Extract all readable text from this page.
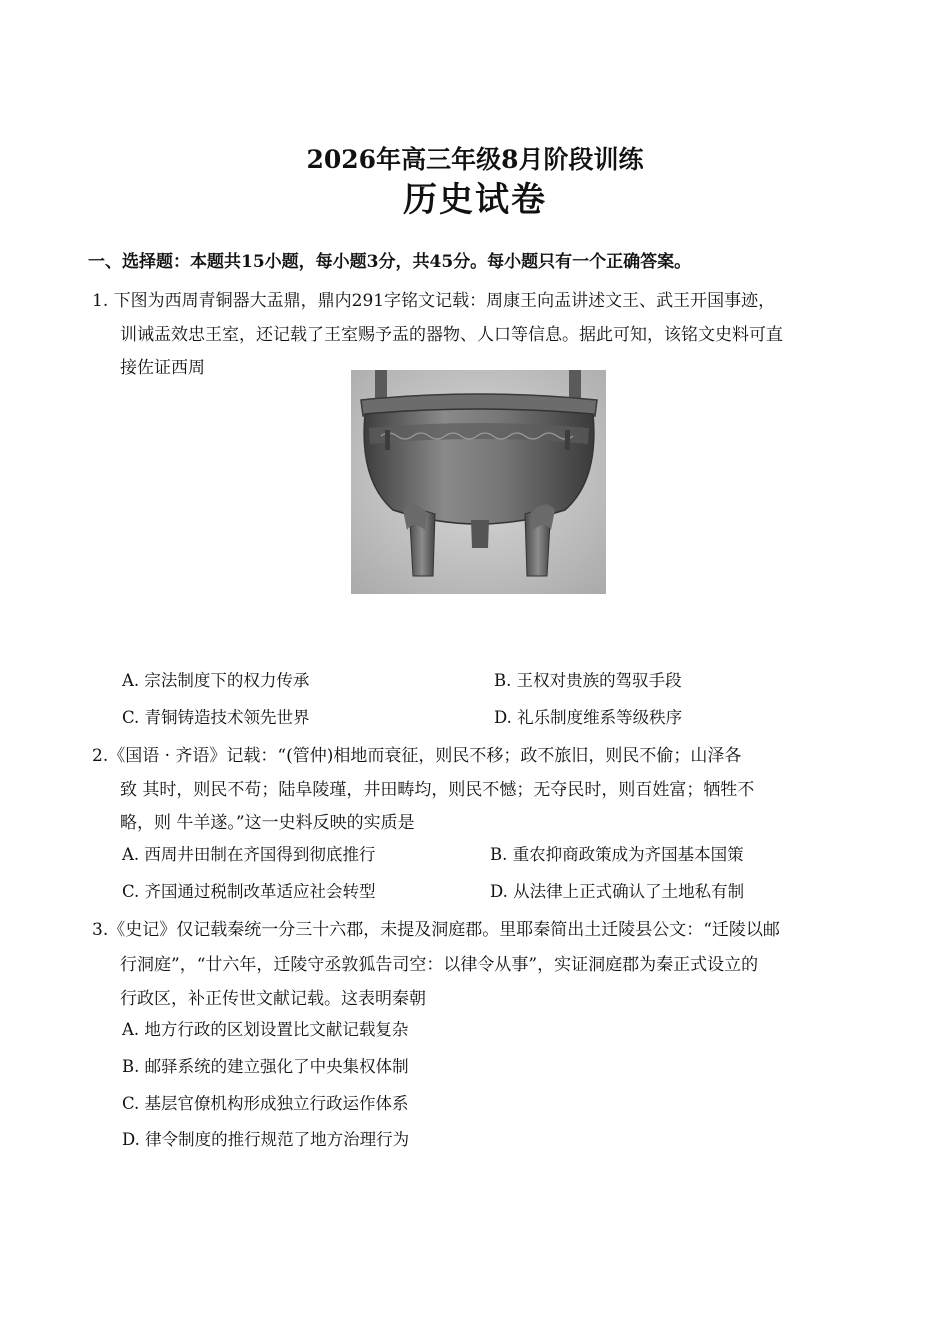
2026年高三年级8月阶段训练
历史试卷
一、选择题：本题共15小题，每小题3分，共45分。每小题只有一个正确答案。
1. 下图为西周青铜器大盂鼎，鼎内291字铭文记载：周康王向盂讲述文王、武王开国事迹，
训诫盂效忠王室，还记载了王室赐予盂的器物、人口等信息。据此可知，该铭文史料可直
接佐证西周
A. 宗法制度下的权力传承	B. 王权对贵族的驾驭手段
C. 青铜铸造技术领先世界	D. 礼乐制度维系等级秩序
2.《国语 · 齐语》记载：“(管仲)相地而衰征，则民不移；政不旅旧，则民不偷；山泽各
致 其时，则民不苟；陆阜陵瑾，井田畴均，则民不憾；无夺民时，则百姓富；牺牲不
略，则 牛羊遂。”这一史料反映的实质是
A. 西周井田制在齐国得到彻底推行	B. 重农抑商政策成为齐国基本国策
C. 齐国通过税制改革适应社会转型	D. 从法律上正式确认了土地私有制
3.《史记》仅记载秦统一分三十六郡，未提及洞庭郡。里耶秦简出土迁陵县公文：“迁陵以邮
行洞庭”，“廿六年，迁陵守丞敦狐告司空：以律令从事”，实证洞庭郡为秦正式设立的
行政区，补正传世文献记载。这表明秦朝
A. 地方行政的区划设置比文献记载复杂
B. 邮驿系统的建立强化了中央集权体制
C. 基层官僚机构形成独立行政运作体系
D. 律令制度的推行规范了地方治理行为
